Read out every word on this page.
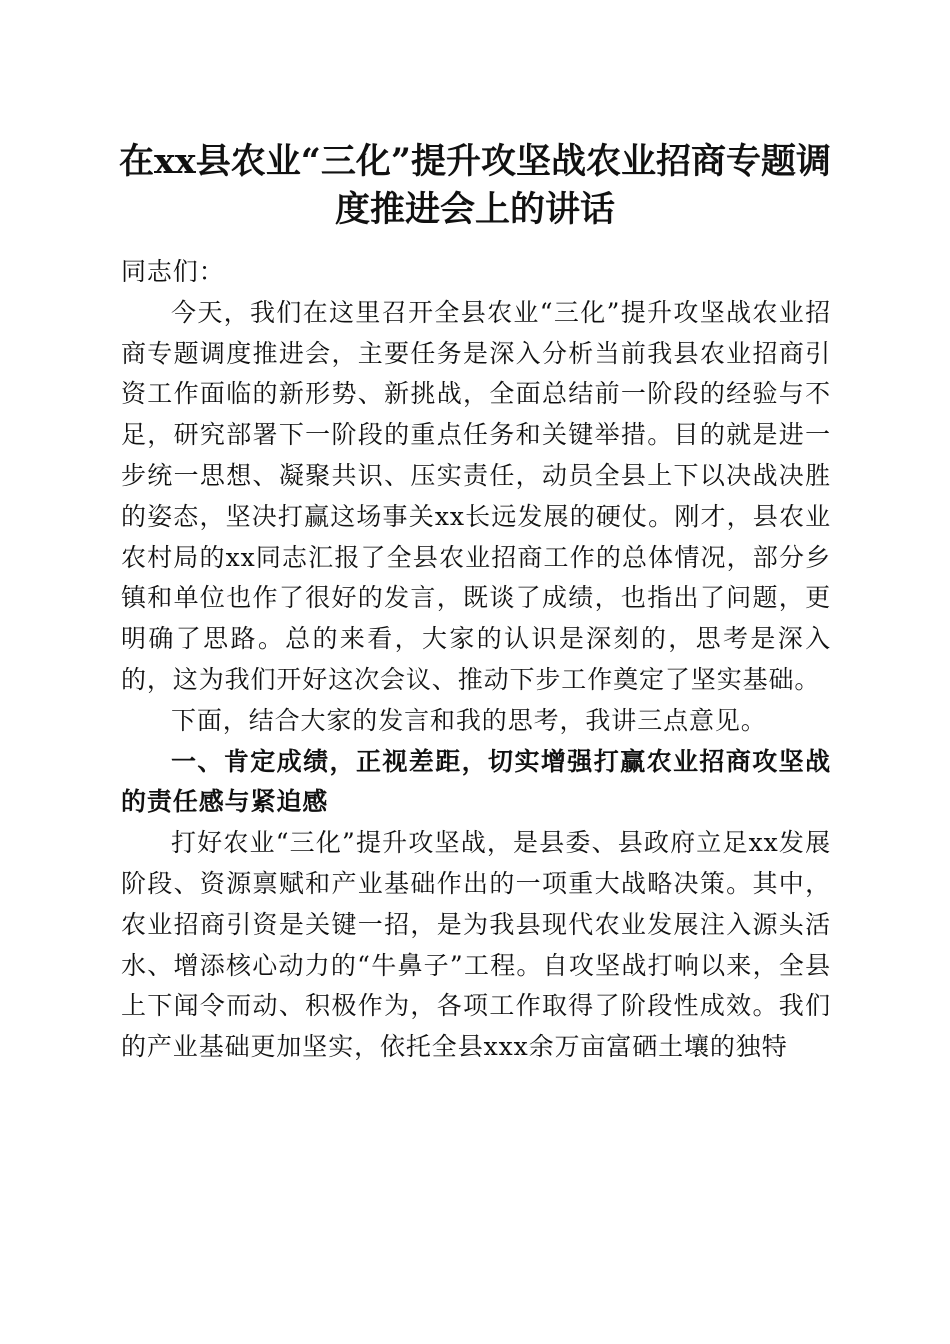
在xx县农业“三化”提升攻坚战农业招商专题调度推进会上的讲话

同志们：

今天，我们在这里召开全县农业“三化”提升攻坚战农业招商专题调度推进会，主要任务是深入分析当前我县农业招商引资工作面临的新形势、新挑战，全面总结前一阶段的经验与不足，研究部署下一阶段的重点任务和关键举措。目的就是进一步统一思想、凝聚共识、压实责任，动员全县上下以决战决胜的姿态，坚决打赢这场事关xx长远发展的硬仗。刚才，县农业农村局的xx同志汇报了全县农业招商工作的总体情况，部分乡镇和单位也作了很好的发言，既谈了成绩，也指出了问题，更明确了思路。总的来看，大家的认识是深刻的，思考是深入的，这为我们开好这次会议、推动下步工作奠定了坚实基础。

下面，结合大家的发言和我的思考，我讲三点意见。

一、肯定成绩，正视差距，切实增强打赢农业招商攻坚战的责任感与紧迫感

打好农业“三化”提升攻坚战，是县委、县政府立足xx发展阶段、资源禀赋和产业基础作出的一项重大战略决策。其中，农业招商引资是关键一招，是为我县现代农业发展注入源头活水、增添核心动力的“牛鼻子”工程。自攻坚战打响以来，全县上下闻令而动、积极作为，各项工作取得了阶段性成效。我们的产业基础更加坚实，依托全县xxx余万亩富硒土壤的独特
